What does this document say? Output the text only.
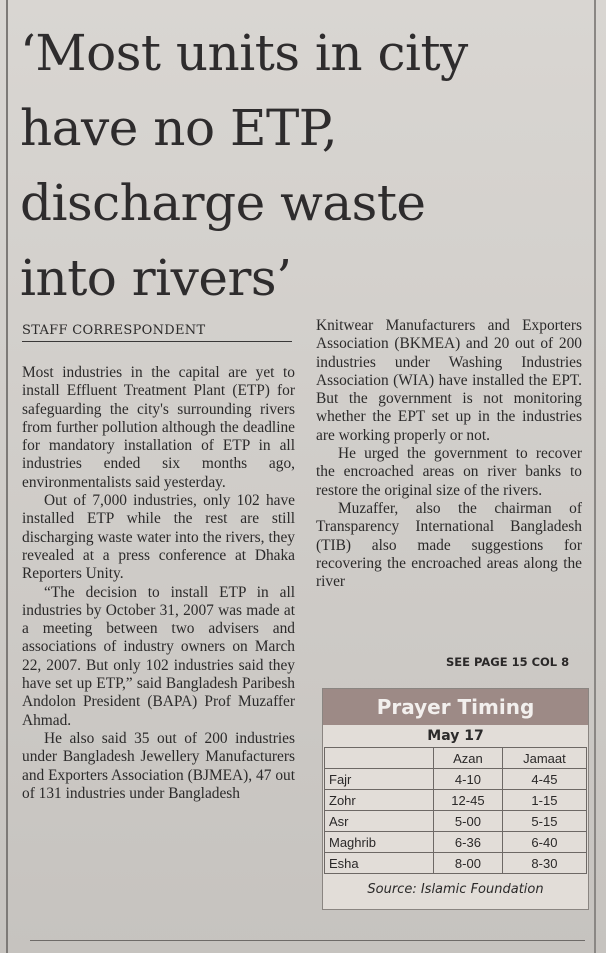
‘Most units in city
have no ETP,
discharge waste
into rivers’
STAFF CORRESPONDENT

Most industries in the capital are yet to install Effluent Treatment Plant (ETP) for safeguarding the city's surrounding rivers from further pollution although the deadline for mandatory installation of ETP in all industries ended six months ago, environmentalists said yesterday.

Out of 7,000 industries, only 102 have installed ETP while the rest are still discharging waste water into the rivers, they revealed at a press conference at Dhaka Reporters Unity.

“The decision to install ETP in all industries by October 31, 2007 was made at a meeting between two advisers and associations of industry owners on March 22, 2007. But only 102 industries said they have set up ETP,” said Bangladesh Paribesh Andolon President (BAPA) Prof Muzaffer Ahmad.

He also said 35 out of 200 industries under Bangladesh Jewellery Manufacturers and Exporters Association (BJMEA), 47 out of 131 industries under Bangladesh

Knitwear Manufacturers and Exporters Association (BKMEA) and 20 out of 200 industries under Washing Industries Association (WIA) have installed the EPT. But the government is not monitoring whether the EPT set up in the industries are working properly or not.

He urged the government to recover the encroached areas on river banks to restore the original size of the rivers.

Muzaffer, also the chairman of Transparency International Bangladesh (TIB) also made suggestions for recovering the encroached areas along the river

SEE PAGE 15 COL 8
Prayer Timing
May 17
	Azan	Jamaat
Fajr	4-10	4-45
Zohr	12-45	1-15
Asr	5-00	5-15
Maghrib	6-36	6-40
Esha	8-00	8-30
Source: Islamic Foundation
